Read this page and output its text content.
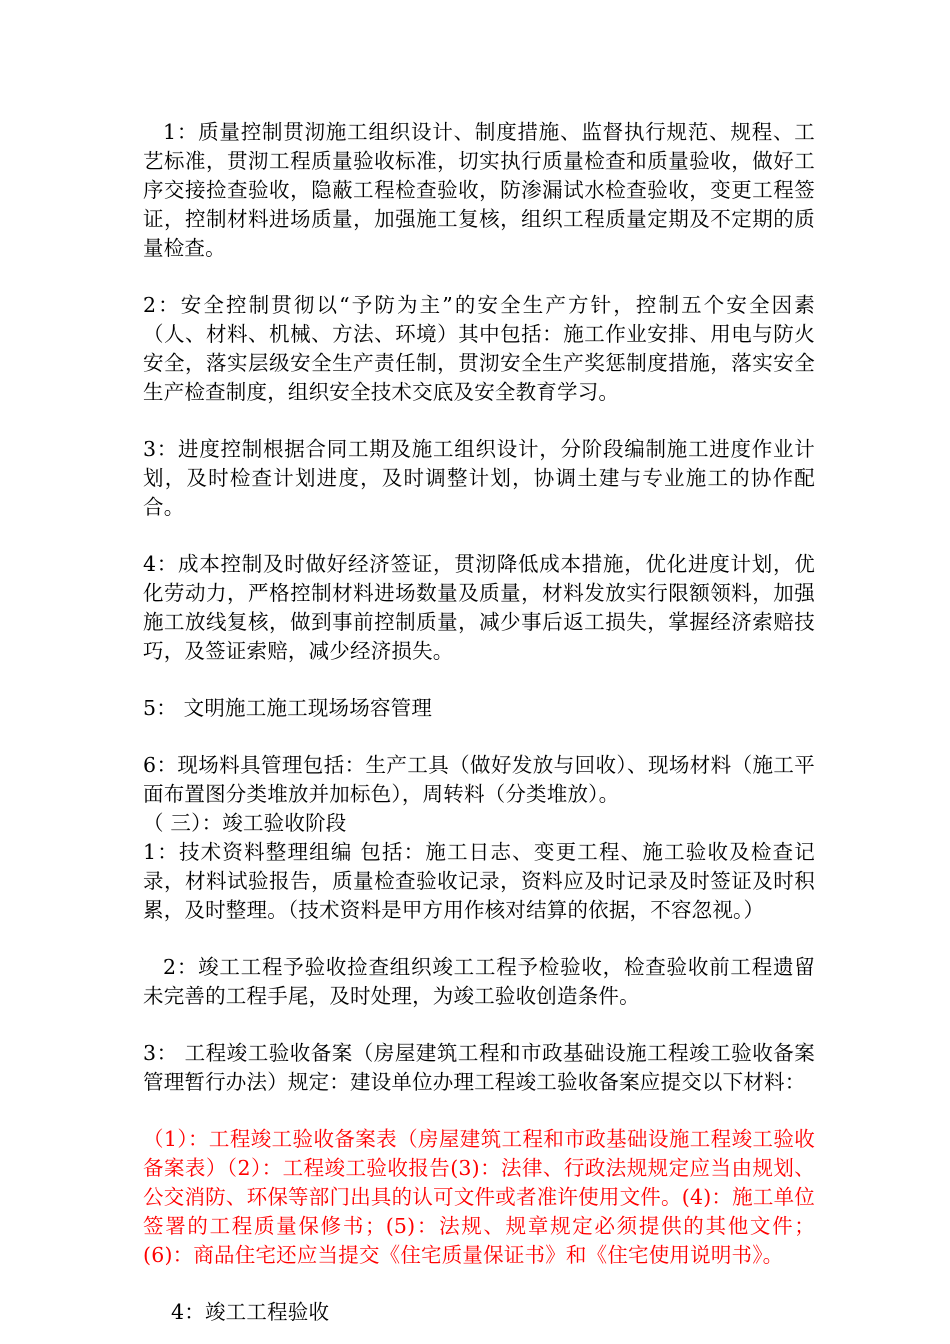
1：质量控制贯沏施工组织设计、制度措施、监督执行规范、规程、工艺标准，贯沏工程质量验收标准，切实执行质量检查和质量验收，做好工序交接捡查验收，隐蔽工程检查验收，防渗漏试水检查验收，变更工程签证，控制材料进场质量，加强施工复核，组织工程质量定期及不定期的质量检查。

2：安全控制贯彻以“予防为主”的安全生产方针，控制五个安全因素（人、材料、机械、方法、环境）其中包括：施工作业安排、用电与防火安全，落实层级安全生产责任制，贯沏安全生产奖惩制度措施，落实安全生产检查制度，组织安全技术交底及安全教育学习。

3：进度控制根据合同工期及施工组织设计，分阶段编制施工进度作业计划，及时检查计划进度，及时调整计划，协调土建与专业施工的协作配合。

4：成本控制及时做好经济签证，贯沏降低成本措施，优化进度计划，优化劳动力，严格控制材料进场数量及质量，材料发放实行限额领料，加强施工放线复核，做到事前控制质量，减少事后返工损失，掌握经济索赔技巧，及签证索赔，减少经济损失。

5： 文明施工施工现场场容管理

6：现场料具管理包括：生产工具（做好发放与回收）、现场材料（施工平面布置图分类堆放并加标色），周转料（分类堆放）。

（ 三）：竣工验收阶段

1：技术资料整理组编 包括：施工日志、变更工程、施工验收及检查记录，材料试验报告，质量检查验收记录，资料应及时记录及时签证及时积累，及时整理。（技术资料是甲方用作核对结算的依据，不容忽视。）

2：竣工工程予验收捡查组织竣工工程予检验收，检查验收前工程遗留未完善的工程手尾，及时处理，为竣工验收创造条件。

3： 工程竣工验收备案（房屋建筑工程和市政基础设施工程竣工验收备案管理暂行办法）规定：建设单位办理工程竣工验收备案应提交以下材料：

（1）：工程竣工验收备案表（房屋建筑工程和市政基础设施工程竣工验收备案表）（2）：工程竣工验收报告(3)：法律、行政法规规定应当由规划、公交消防、环保等部门出具的认可文件或者准许使用文件。(4)：施工单位签署的工程质量保修书；(5)：法规、规章规定必须提供的其他文件；(6)：商品住宅还应当提交《住宅质量保证书》和《住宅使用说明书》。

4：竣工工程验收
